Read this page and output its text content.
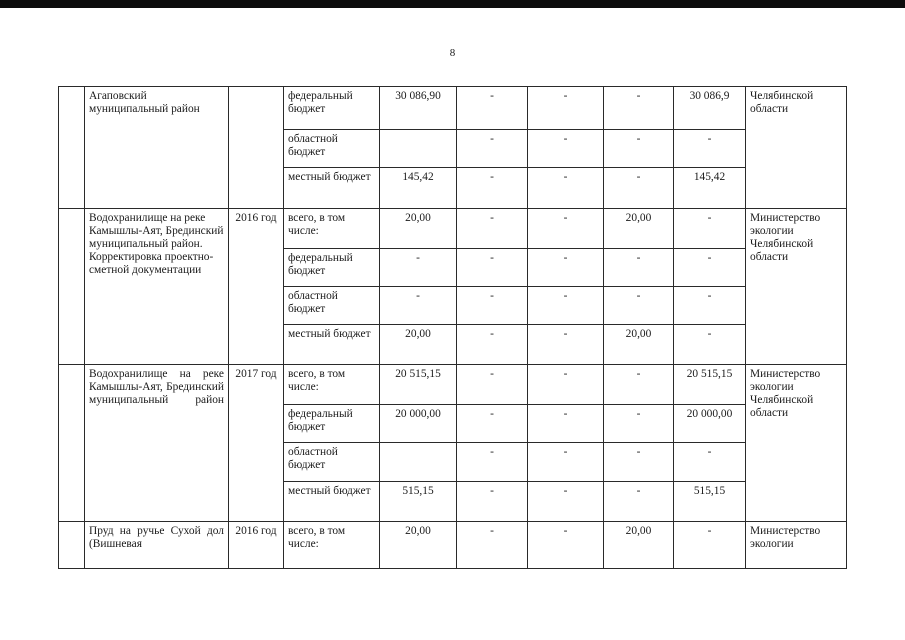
8
	Агаповский муниципальный район		федеральный бюджет	30 086,90	-	-	-	30 086,9	Челябинской области
			областной бюджет		-	-	-	-	
			местный бюджет	145,42	-	-	-	145,42	
	Водохранилище на реке Камышлы-Аят, Брединский муниципальный район. Корректировка проектно-сметной документации	2016 год	всего, в том числе:	20,00	-	-	20,00	-	Министерство экологии Челябинской области
			федеральный бюджет	-	-	-	-	-	
			областной бюджет	-	-	-	-	-	
			местный бюджет	20,00	-	-	20,00	-	
	Водохранилище на реке Камышлы-Аят, Брединский муниципальный район	2017 год	всего, в том числе:	20 515,15	-	-	-	20 515,15	Министерство экологии Челябинской области
			федеральный бюджет	20 000,00	-	-	-	20 000,00	
			областной бюджет		-	-	-	-	
			местный бюджет	515,15	-	-	-	515,15	
	Пруд на ручье Сухой дол (Вишневая	2016 год	всего, в том числе:	20,00	-	-	20,00	-	Министерство экологии
